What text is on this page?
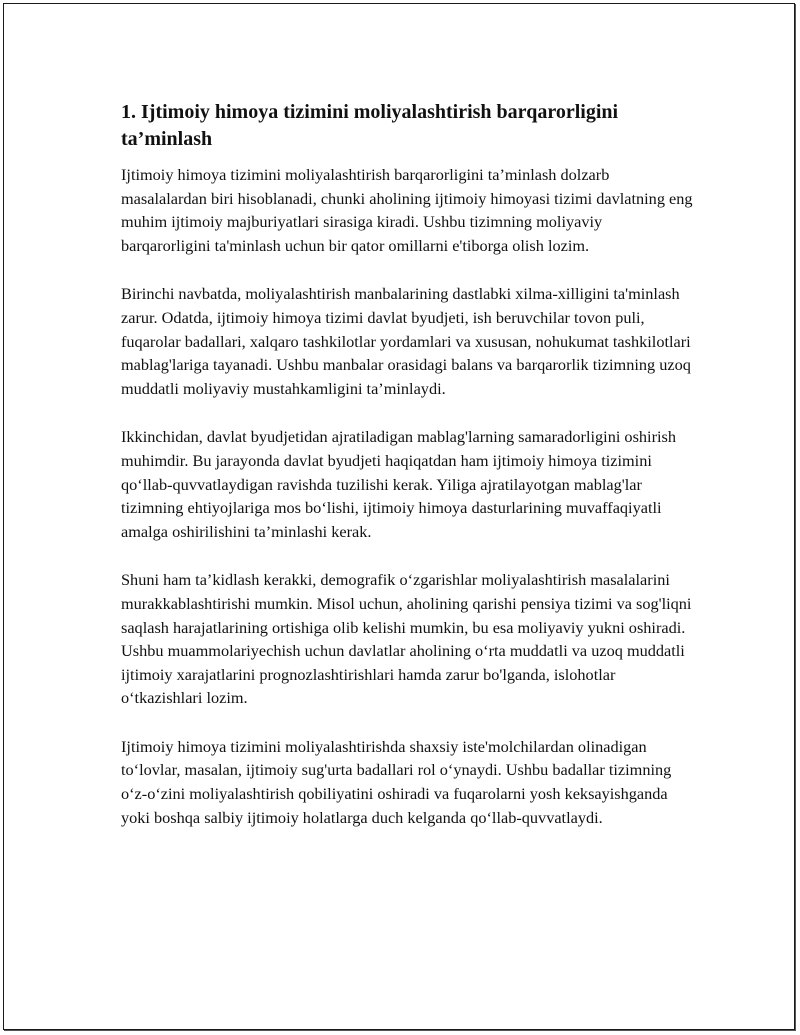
1. Ijtimoiy himoya tizimini moliyalashtirish barqarorligini ta’minlash

Ijtimoiy himoya tizimini moliyalashtirish barqarorligini ta’minlash dolzarb masalalardan biri hisoblanadi, chunki aholining ijtimoiy himoyasi tizimi davlatning eng muhim ijtimoiy majburiyatlari sirasiga kiradi. Ushbu tizimning moliyaviy barqarorligini ta'minlash uchun bir qator omillarni e'tiborga olish lozim.

Birinchi navbatda, moliyalashtirish manbalarining dastlabki xilma-xilligini ta'minlash zarur. Odatda, ijtimoiy himoya tizimi davlat byudjeti, ish beruvchilar tovon puli, fuqarolar badallari, xalqaro tashkilotlar yordamlari va xususan, nohukumat tashkilotlari mablag'lariga tayanadi. Ushbu manbalar orasidagi balans va barqarorlik tizimning uzoq muddatli moliyaviy mustahkamligini ta’minlaydi.

Ikkinchidan, davlat byudjetidan ajratiladigan mablag'larning samaradorligini oshirish muhimdir. Bu jarayonda davlat byudjeti haqiqatdan ham ijtimoiy himoya tizimini qo‘llab-quvvatlaydigan ravishda tuzilishi kerak. Yiliga ajratilayotgan mablag'lar tizimning ehtiyojlariga mos bo‘lishi, ijtimoiy himoya dasturlarining muvaffaqiyatli amalga oshirilishini ta’minlashi kerak.

Shuni ham ta’kidlash kerakki, demografik o‘zgarishlar moliyalashtirish masalalarini murakkablashtirishi mumkin. Misol uchun, aholining qarishi pensiya tizimi va sog'liqni saqlash harajatlarining ortishiga olib kelishi mumkin, bu esa moliyaviy yukni oshiradi. Ushbu muammolariyechish uchun davlatlar aholining o‘rta muddatli va uzoq muddatli ijtimoiy xarajatlarini prognozlashtirishlari hamda zarur bo'lganda, islohotlar o‘tkazishlari lozim.

Ijtimoiy himoya tizimini moliyalashtirishda shaxsiy iste'molchilardan olinadigan to‘lovlar, masalan, ijtimoiy sug'urta badallari rol o‘ynaydi. Ushbu badallar tizimning o‘z-o‘zini moliyalashtirish qobiliyatini oshiradi va fuqarolarni yosh keksayishganda yoki boshqa salbiy ijtimoiy holatlarga duch kelganda qo‘llab-quvvatlaydi.
